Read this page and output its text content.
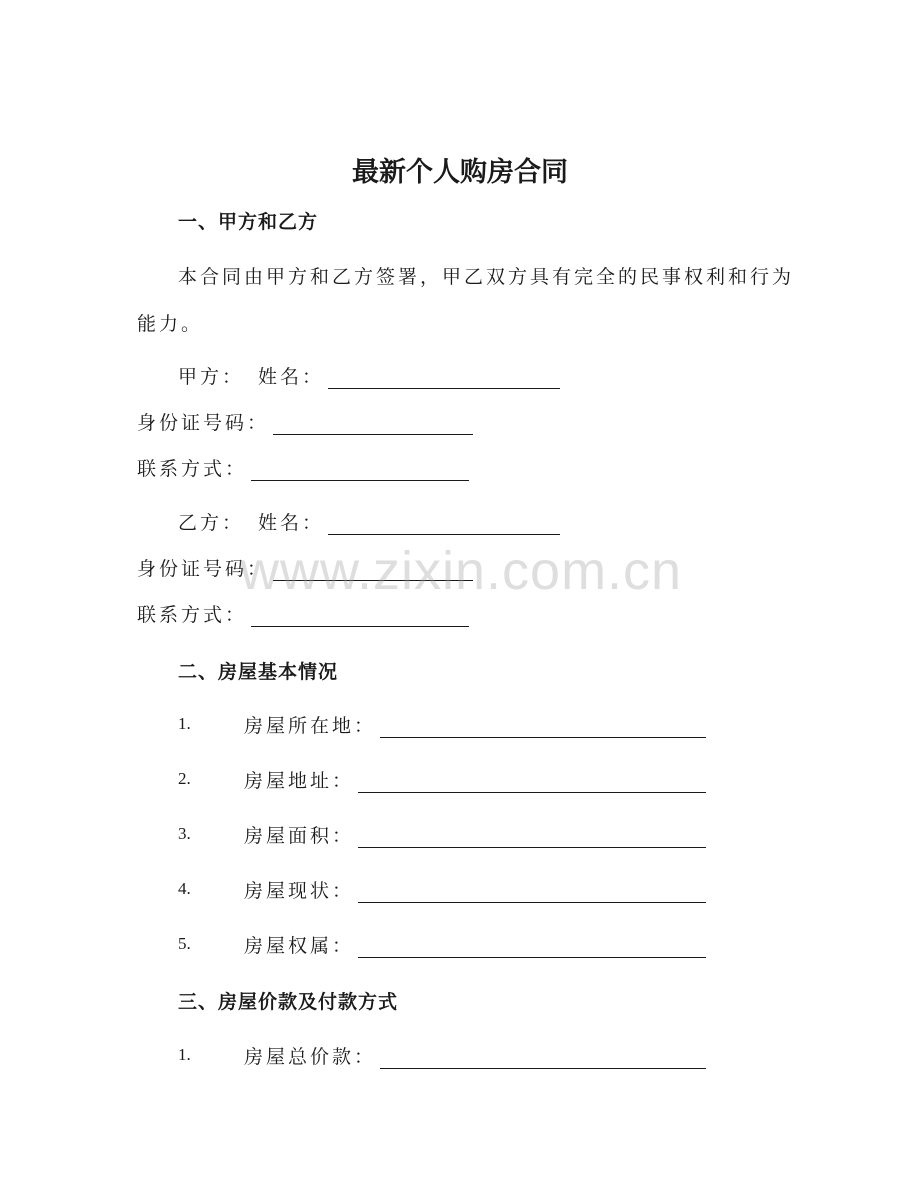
最新个人购房合同
一、甲方和乙方
本合同由甲方和乙方签署，甲乙双方具有完全的民事权利和行为
能力。
甲方： 姓名：
身份证号码：
联系方式：
乙方： 姓名：
身份证号码：
联系方式：
二、房屋基本情况
1.	房屋所在地：
2.	房屋地址：
3.	房屋面积：
4.	房屋现状：
5.	房屋权属：
三、房屋价款及付款方式
1.	房屋总价款：
www.zixin.com.cn
